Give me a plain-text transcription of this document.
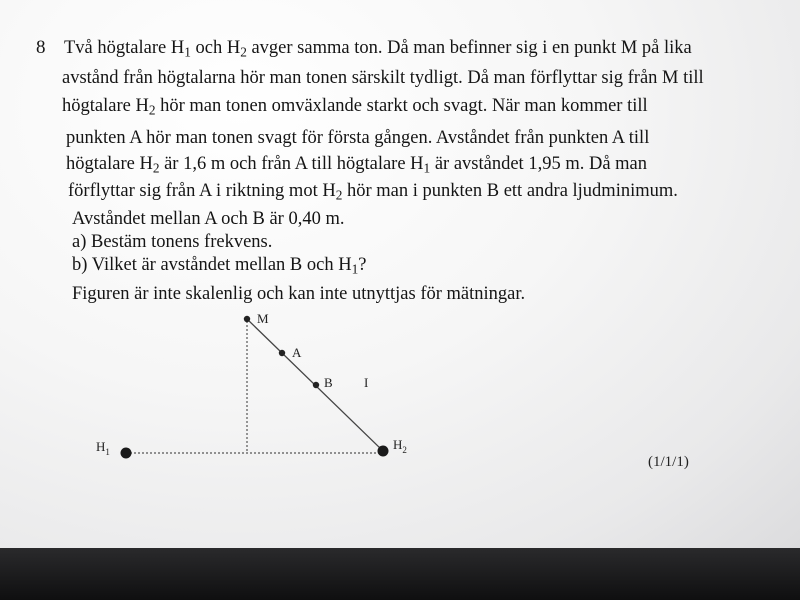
8 Två högtalare $H_1$ och $H_2$ avger samma ton. Då man befinner sig i en punkt M på lika
avstånd från högtalarna hör man tonen särskilt tydligt. Då man förflyttar sig från M till
högtalare $H_2$ hör man tonen omväxlande starkt och svagt. När man kommer till
punkten A hör man tonen svagt för första gången. Avståndet från punkten A till
högtalare $H_2$ är 1,6 m och från A till högtalare $H_1$ är avståndet 1,95 m. Då man
förflyttar sig från A i riktning mot $H_2$ hör man i punkten B ett andra ljudminimum.
Avståndet mellan A och B är 0,40 m.
a) Bestäm tonens frekvens.
b) Vilket är avståndet mellan B och $H_1$?
Figuren är inte skalenlig och kan inte utnyttjas för mätningar.
M
A
B I
$H_1$	$H_2$
(1/1/1)
